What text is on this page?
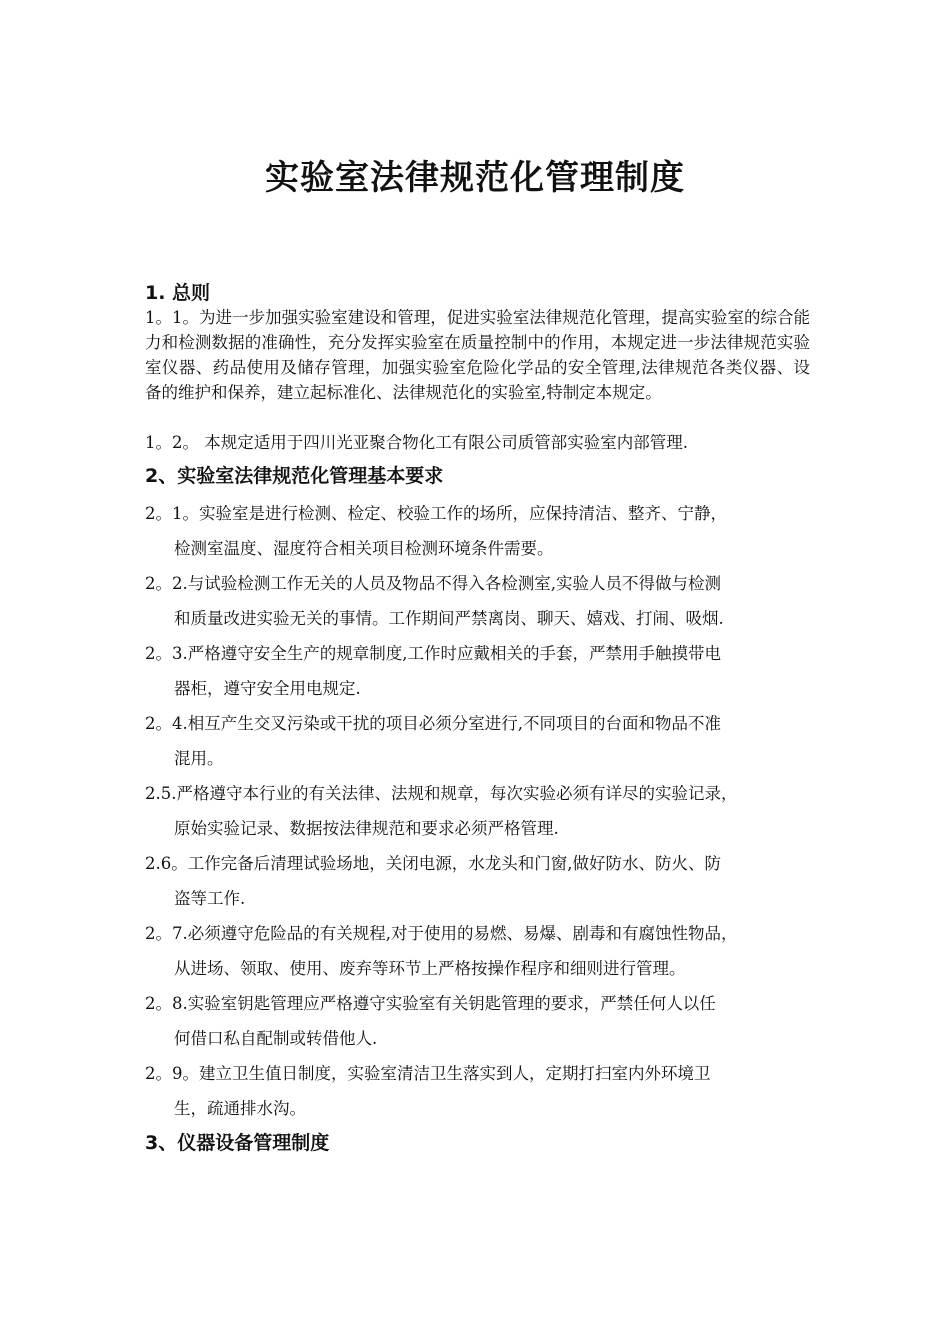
实验室法律规范化管理制度
1. 总则
1。1。为进一步加强实验室建设和管理，促进实验室法律规范化管理，提高实验室的综合能力和检测数据的准确性，充分发挥实验室在质量控制中的作用，本规定进一步法律规范实验室仪器、药品使用及储存管理，加强实验室危险化学品的安全管理,法律规范各类仪器、设备的维护和保养，建立起标准化、法律规范化的实验室,特制定本规定。
1。2。 本规定适用于四川光亚聚合物化工有限公司质管部实验室内部管理.
2、实验室法律规范化管理基本要求
2。1。实验室是进行检测、检定、校验工作的场所，应保持清洁、整齐、宁静，
检测室温度、湿度符合相关项目检测环境条件需要。
2。2.与试验检测工作无关的人员及物品不得入各检测室,实验人员不得做与检测
和质量改进实验无关的事情。工作期间严禁离岗、聊天、嬉戏、打闹、吸烟.
2。3.严格遵守安全生产的规章制度,工作时应戴相关的手套，严禁用手触摸带电
器柜，遵守安全用电规定.
2。4.相互产生交叉污染或干扰的项目必须分室进行,不同项目的台面和物品不准
混用。
2.5.严格遵守本行业的有关法律、法规和规章，每次实验必须有详尽的实验记录，
原始实验记录、数据按法律规范和要求必须严格管理.
2.6。工作完备后清理试验场地，关闭电源，水龙头和门窗,做好防水、防火、防
盗等工作.
2。7.必须遵守危险品的有关规程,对于使用的易燃、易爆、剧毒和有腐蚀性物品，
从进场、领取、使用、废弃等环节上严格按操作程序和细则进行管理。
2。8.实验室钥匙管理应严格遵守实验室有关钥匙管理的要求，严禁任何人以任
何借口私自配制或转借他人.
2。9。建立卫生值日制度，实验室清洁卫生落实到人，定期打扫室内外环境卫
生，疏通排水沟。
3、仪器设备管理制度
